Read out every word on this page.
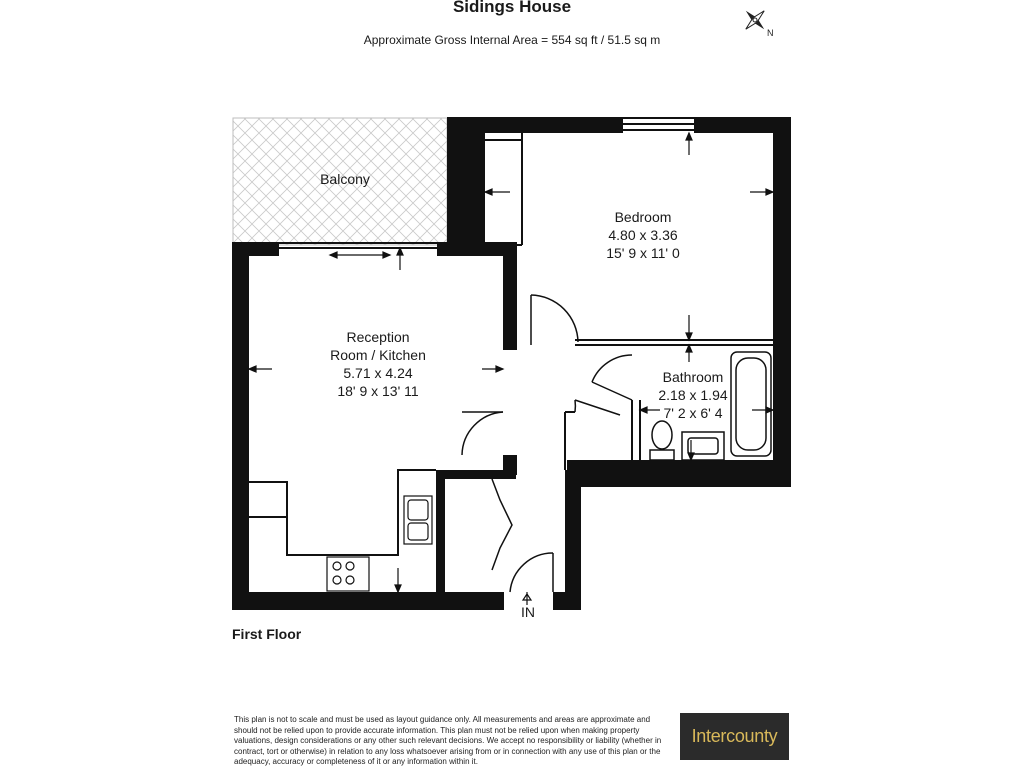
Sidings House
Approximate Gross Internal Area = 554 sq ft / 51.5 sq m	N
Balcony
Bedroom
4.80 x 3.36
15' 9 x 11' 0
Reception
Room / Kitchen
5.71 x 4.24
18' 9 x 13' 11
Bathroom
2.18 x 1.94
7' 2 x 6' 4
IN
First Floor
This plan is not to scale and must be used as layout guidance only. All measurements and areas are approximate and should not be relied upon to provide accurate information. This plan must not be relied upon when making property valuations, design considerations or any other such relevant decisions. We accept no responsibility or liability (whether in contract, tort or otherwise) in relation to any loss whatsoever arising from or in connection with any use of this plan or the adequacy, accuracy or completeness of it or any information within it.
Intercounty
